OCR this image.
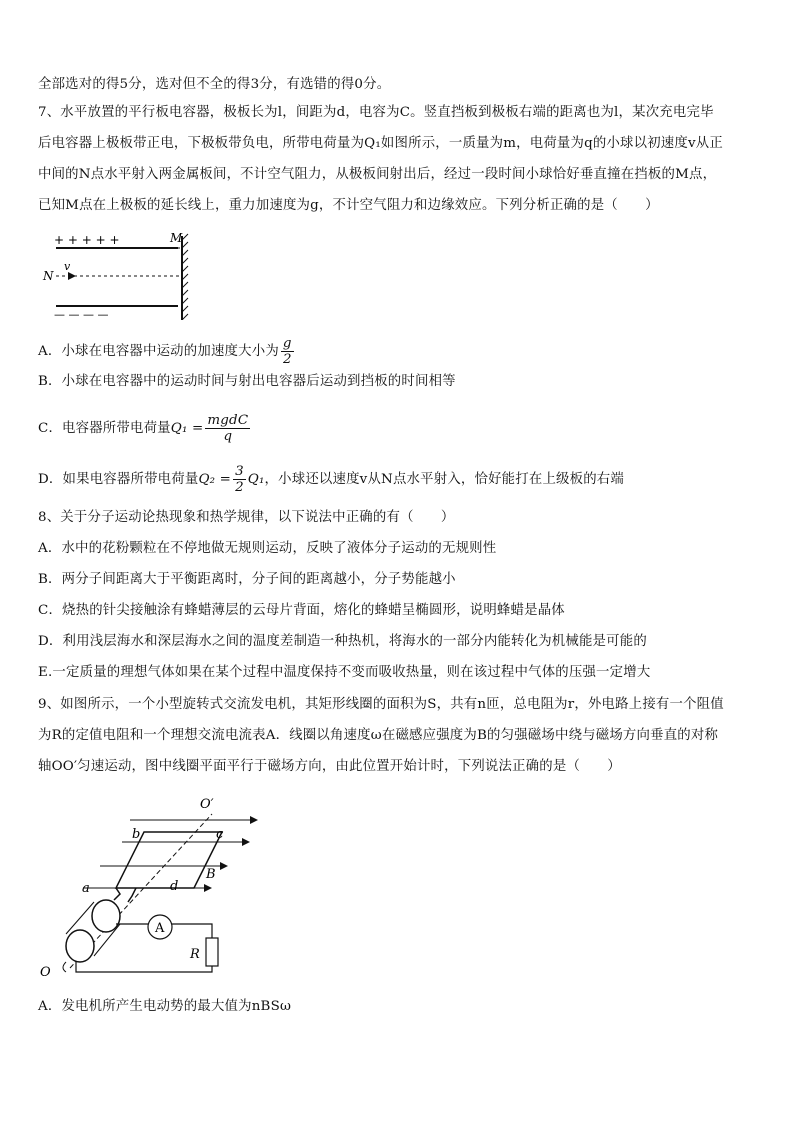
全部选对的得5分，选对但不全的得3分，有选错的得0分。
7、水平放置的平行板电容器，极板长为l，间距为d，电容为C。竖直挡板到极板右端的距离也为l，某次充电完毕
后电容器上极板带正电，下极板带负电，所带电荷量为Q₁如图所示，一质量为m，电荷量为q的小球以初速度v从正
中间的N点水平射入两金属板间，不计空气阻力，从极板间射出后，经过一段时间小球恰好垂直撞在挡板的M点，
已知M点在上极板的延长线上，重力加速度为g，不计空气阻力和边缘效应。下列分析正确的是（　　）
+ + + + +
— — — —
N
v
M
A．小球在电容器中运动的加速度大小为 $\frac{g}{2}$
B．小球在电容器中的运动时间与射出电容器后运动到挡板的时间相等
C．电容器所带电荷量$Q_1 = \frac{\text{mgdC}}{q}$
D．如果电容器所带电荷量$Q_2 = \frac{3}{2} Q_1$，小球还以速度v从N点水平射入，恰好能打在上级板的右端
8、关于分子运动论热现象和热学规律，以下说法中正确的有（　　）
A．水中的花粉颗粒在不停地做无规则运动，反映了液体分子运动的无规则性
B．两分子间距离大于平衡距离时，分子间的距离越小，分子势能越小
C．烧热的针尖接触涂有蜂蜡薄层的云母片背面，熔化的蜂蜡呈椭圆形，说明蜂蜡是晶体
D．利用浅层海水和深层海水之间的温度差制造一种热机，将海水的一部分内能转化为机械能是可能的
E.一定质量的理想气体如果在某个过程中温度保持不变而吸收热量，则在该过程中气体的压强一定增大
9、如图所示，一个小型旋转式交流发电机，其矩形线圈的面积为S，共有n匝，总电阻为r，外电路上接有一个阻值
为R的定值电阻和一个理想交流电流表A．线圈以角速度ω在磁感应强度为B的匀强磁场中绕与磁场方向垂直的对称
轴OO′匀速运动，图中线圈平面平行于磁场方向，由此位置开始计时，下列说法正确的是（　　）
O′
O
b	c
a	d
B
A
R
A．发电机所产生电动势的最大值为nBSω
